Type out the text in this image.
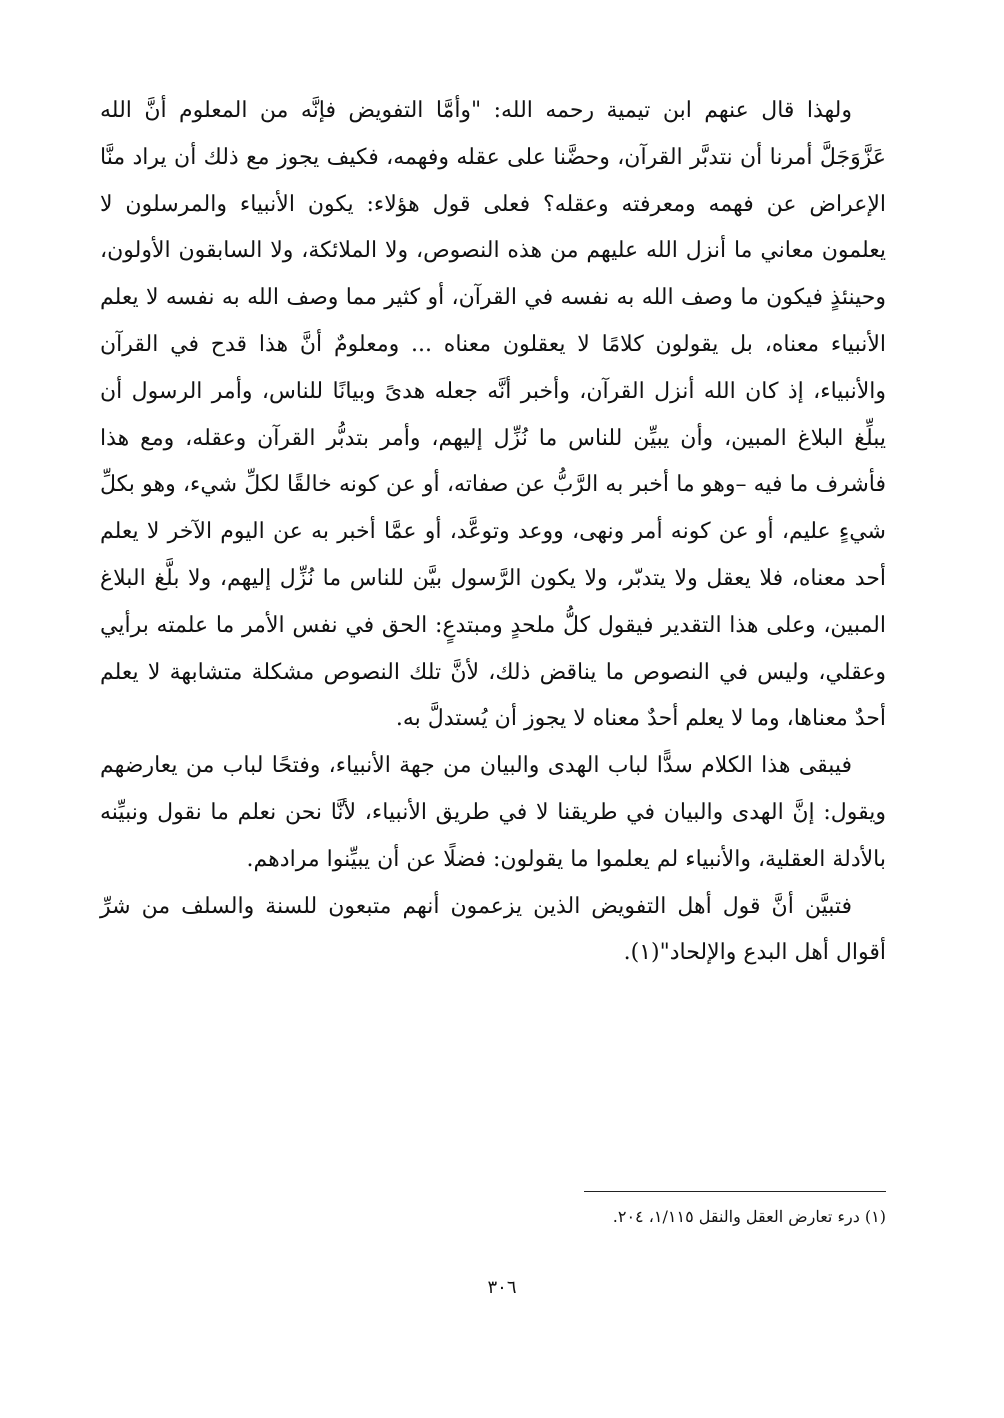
ولهذا قال عنهم ابن تيمية رحمه الله: "وأمَّا التفويض فإنَّه من المعلوم أنَّ الله عَزَّوَجَلَّ أمرنا أن نتدبَّر القرآن، وحضَّنا على عقله وفهمه، فكيف يجوز مع ذلك أن يراد منَّا الإعراض عن فهمه ومعرفته وعقله؟ فعلى قول هؤلاء: يكون الأنبياء والمرسلون لا يعلمون معاني ما أنزل الله عليهم من هذه النصوص، ولا الملائكة، ولا السابقون الأولون، وحينئذٍ فيكون ما وصف الله به نفسه في القرآن، أو كثير مما وصف الله به نفسه لا يعلم الأنبياء معناه، بل يقولون كلامًا لا يعقلون معناه ... ومعلومٌ أنَّ هذا قدح في القرآن والأنبياء، إذ كان الله أنزل القرآن، وأخبر أنَّه جعله هدىً وبيانًا للناس، وأمر الرسول أن يبلِّغ البلاغ المبين، وأن يبيِّن للناس ما نُزِّل إليهم، وأمر بتدبُّر القرآن وعقله، ومع هذا فأشرف ما فيه –وهو ما أخبر به الرَّبُّ عن صفاته، أو عن كونه خالقًا لكلِّ شيء، وهو بكلِّ شيءٍ عليم، أو عن كونه أمر ونهى، ووعد وتوعَّد، أو عمَّا أخبر به عن اليوم الآخر لا يعلم أحد معناه، فلا يعقل ولا يتدبّر، ولا يكون الرَّسول بيَّن للناس ما نُزِّل إليهم، ولا بلَّغ البلاغ المبين، وعلى هذا التقدير فيقول كلُّ ملحدٍ ومبتدعٍ: الحق في نفس الأمر ما علمته برأيي وعقلي، وليس في النصوص ما يناقض ذلك، لأنَّ تلك النصوص مشكلة متشابهة لا يعلم أحدٌ معناها، وما لا يعلم أحدٌ معناه لا يجوز أن يُستدلَّ به.

فيبقى هذا الكلام سدًّا لباب الهدى والبيان من جهة الأنبياء، وفتحًا لباب من يعارضهم ويقول: إنَّ الهدى والبيان في طريقنا لا في طريق الأنبياء، لأنَّا نحن نعلم ما نقول ونبيِّنه بالأدلة العقلية، والأنبياء لم يعلموا ما يقولون: فضلًا عن أن يبيِّنوا مرادهم.

فتبيَّن أنَّ قول أهل التفويض الذين يزعمون أنهم متبعون للسنة والسلف من شرِّ أقوال أهل البدع والإلحاد"(١).

(١) درء تعارض العقل والنقل ١/١١٥، ٢٠٤.
٣٠٦
